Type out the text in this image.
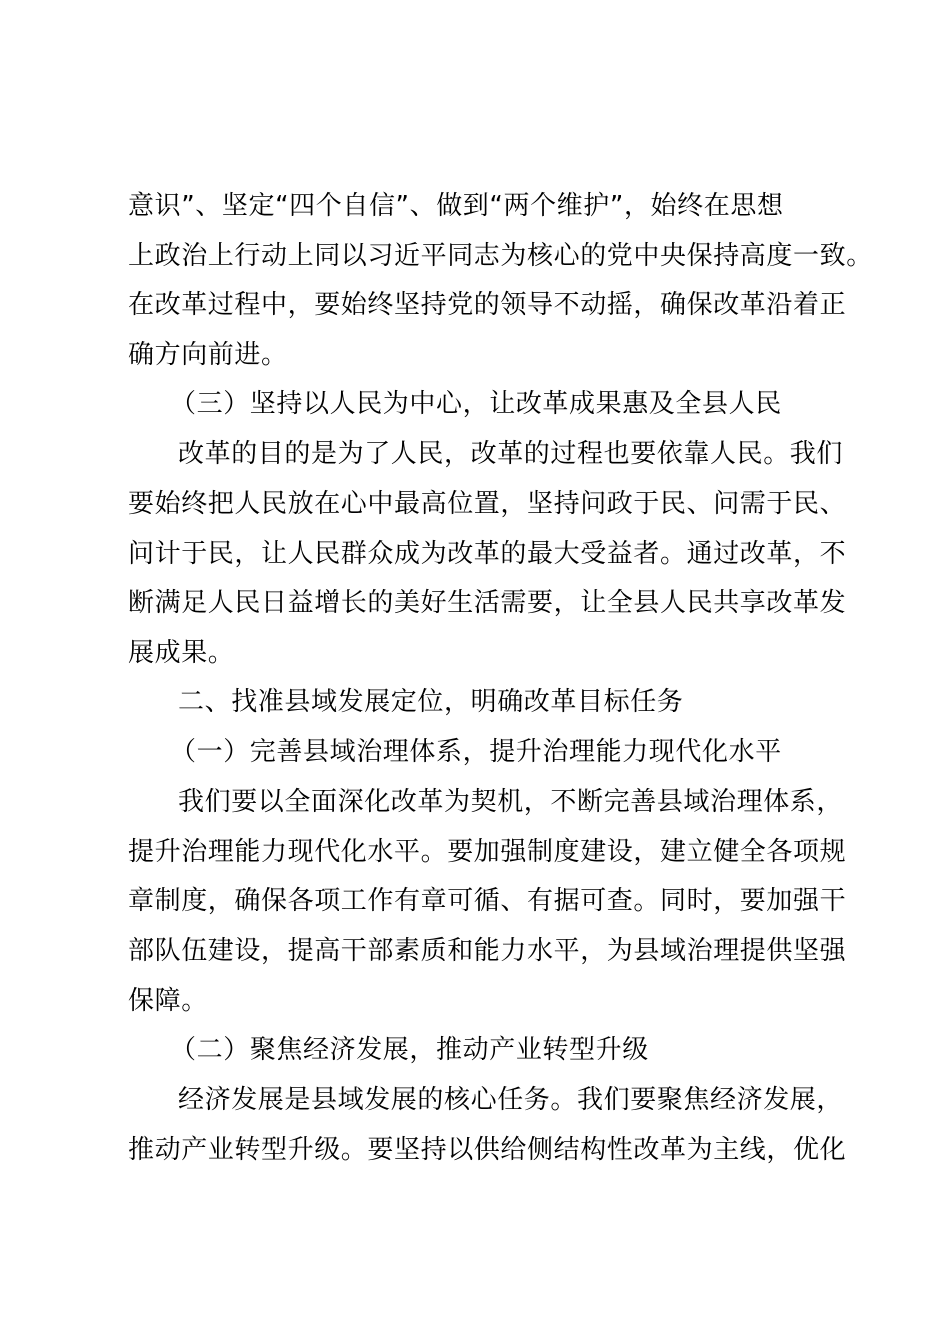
意识”、坚定“四个自信”、做到“两个维护”，始终在思想
上政治上行动上同以习近平同志为核心的党中央保持高度一致。
在改革过程中，要始终坚持党的领导不动摇，确保改革沿着正
确方向前进。
（三）坚持以人民为中心，让改革成果惠及全县人民
改革的目的是为了人民，改革的过程也要依靠人民。我们
要始终把人民放在心中最高位置，坚持问政于民、问需于民、
问计于民，让人民群众成为改革的最大受益者。通过改革，不
断满足人民日益增长的美好生活需要，让全县人民共享改革发
展成果。
二、找准县域发展定位，明确改革目标任务
（一）完善县域治理体系，提升治理能力现代化水平
我们要以全面深化改革为契机，不断完善县域治理体系，
提升治理能力现代化水平。要加强制度建设，建立健全各项规
章制度，确保各项工作有章可循、有据可查。同时，要加强干
部队伍建设，提高干部素质和能力水平，为县域治理提供坚强
保障。
（二）聚焦经济发展，推动产业转型升级
经济发展是县域发展的核心任务。我们要聚焦经济发展，
推动产业转型升级。要坚持以供给侧结构性改革为主线，优化
